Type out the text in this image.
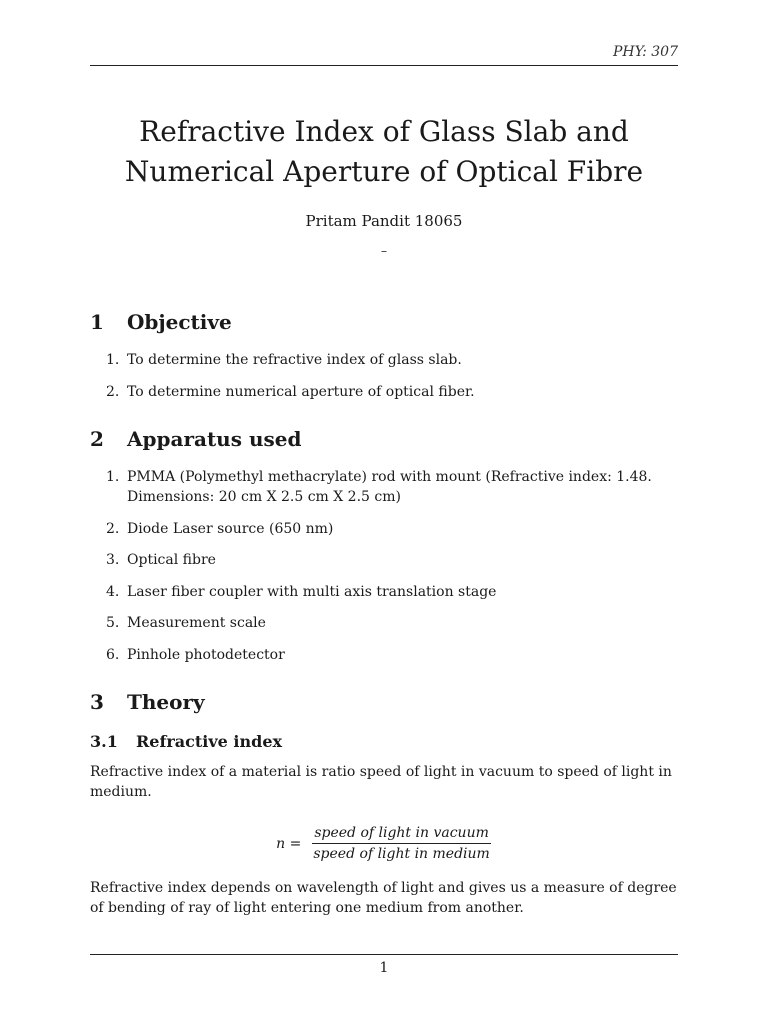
PHY: 307
Refractive Index of Glass Slab and
Numerical Aperture of Optical Fibre
Pritam Pandit 18065
–
1 Objective
1. To determine the refractive index of glass slab.
2. To determine numerical aperture of optical fiber.
2 Apparatus used
1. PMMA (Polymethyl methacrylate) rod with mount (Refractive index: 1.48. Dimensions: 20 cm X 2.5 cm X 2.5 cm)
2. Diode Laser source (650 nm)
3. Optical fibre
4. Laser fiber coupler with multi axis translation stage
5. Measurement scale
6. Pinhole photodetector
3 Theory
3.1 Refractive index

Refractive index of a material is ratio speed of light in vacuum to speed of light in medium.

$n = \frac{\text{speed of light in vacuum}}{\text{speed of light in medium}}$

Refractive index depends on wavelength of light and gives us a measure of degree of bending of ray of light entering one medium from another.

1
